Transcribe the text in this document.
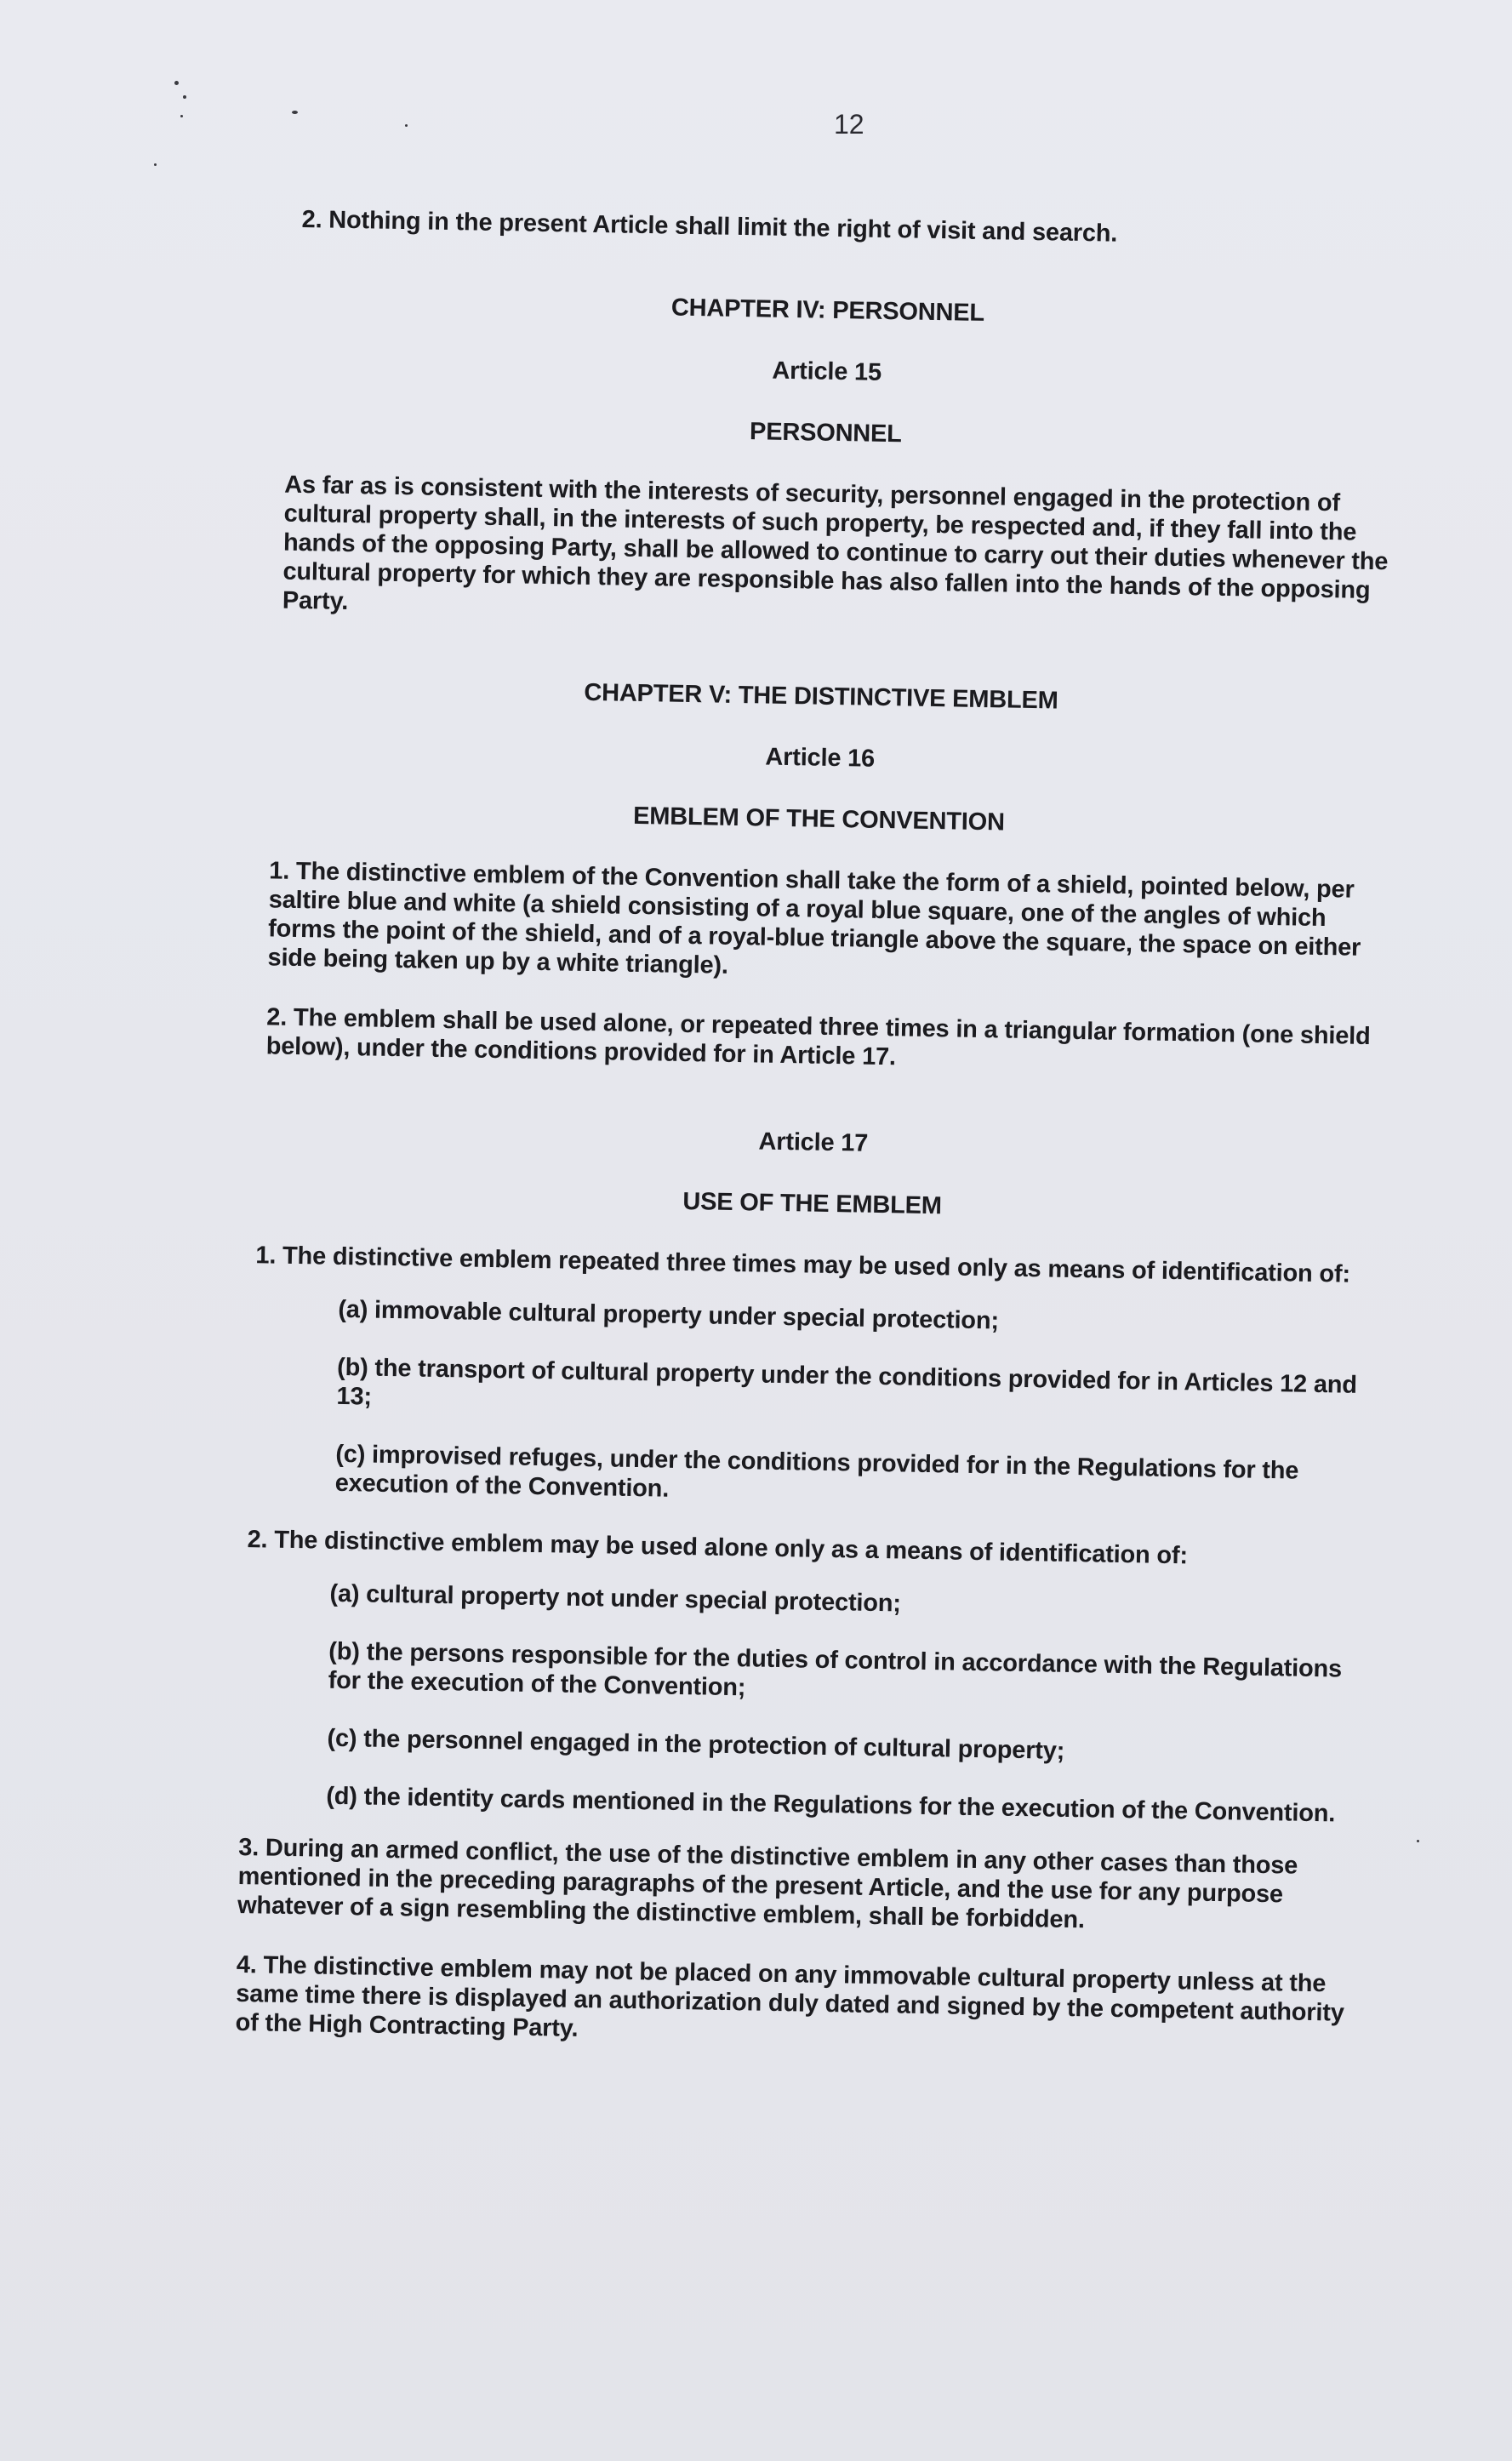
12

2. Nothing in the present Article shall limit the right of visit and search.

CHAPTER IV: PERSONNEL
Article 15
PERSONNEL

As far as is consistent with the interests of security, personnel engaged in the protection of cultural property shall, in the interests of such property, be respected and, if they fall into the hands of the opposing Party, shall be allowed to continue to carry out their duties whenever the cultural property for which they are responsible has also fallen into the hands of the opposing Party.

CHAPTER V: THE DISTINCTIVE EMBLEM
Article 16
EMBLEM OF THE CONVENTION

1. The distinctive emblem of the Convention shall take the form of a shield, pointed below, per saltire blue and white (a shield consisting of a royal blue square, one of the angles of which forms the point of the shield, and of a royal-blue triangle above the square, the space on either side being taken up by a white triangle).

2. The emblem shall be used alone, or repeated three times in a triangular formation (one shield below), under the conditions provided for in Article 17.

Article 17
USE OF THE EMBLEM

1. The distinctive emblem repeated three times may be used only as means of identification of:

(a) immovable cultural property under special protection;

(b) the transport of cultural property under the conditions provided for in Articles 12 and 13;

(c) improvised refuges, under the conditions provided for in the Regulations for the execution of the Convention.

2. The distinctive emblem may be used alone only as a means of identification of:

(a) cultural property not under special protection;

(b) the persons responsible for the duties of control in accordance with the Regulations for the execution of the Convention;

(c) the personnel engaged in the protection of cultural property;

(d) the identity cards mentioned in the Regulations for the execution of the Convention.

3. During an armed conflict, the use of the distinctive emblem in any other cases than those mentioned in the preceding paragraphs of the present Article, and the use for any purpose whatever of a sign resembling the distinctive emblem, shall be forbidden.

4. The distinctive emblem may not be placed on any immovable cultural property unless at the same time there is displayed an authorization duly dated and signed by the competent authority of the High Contracting Party.
